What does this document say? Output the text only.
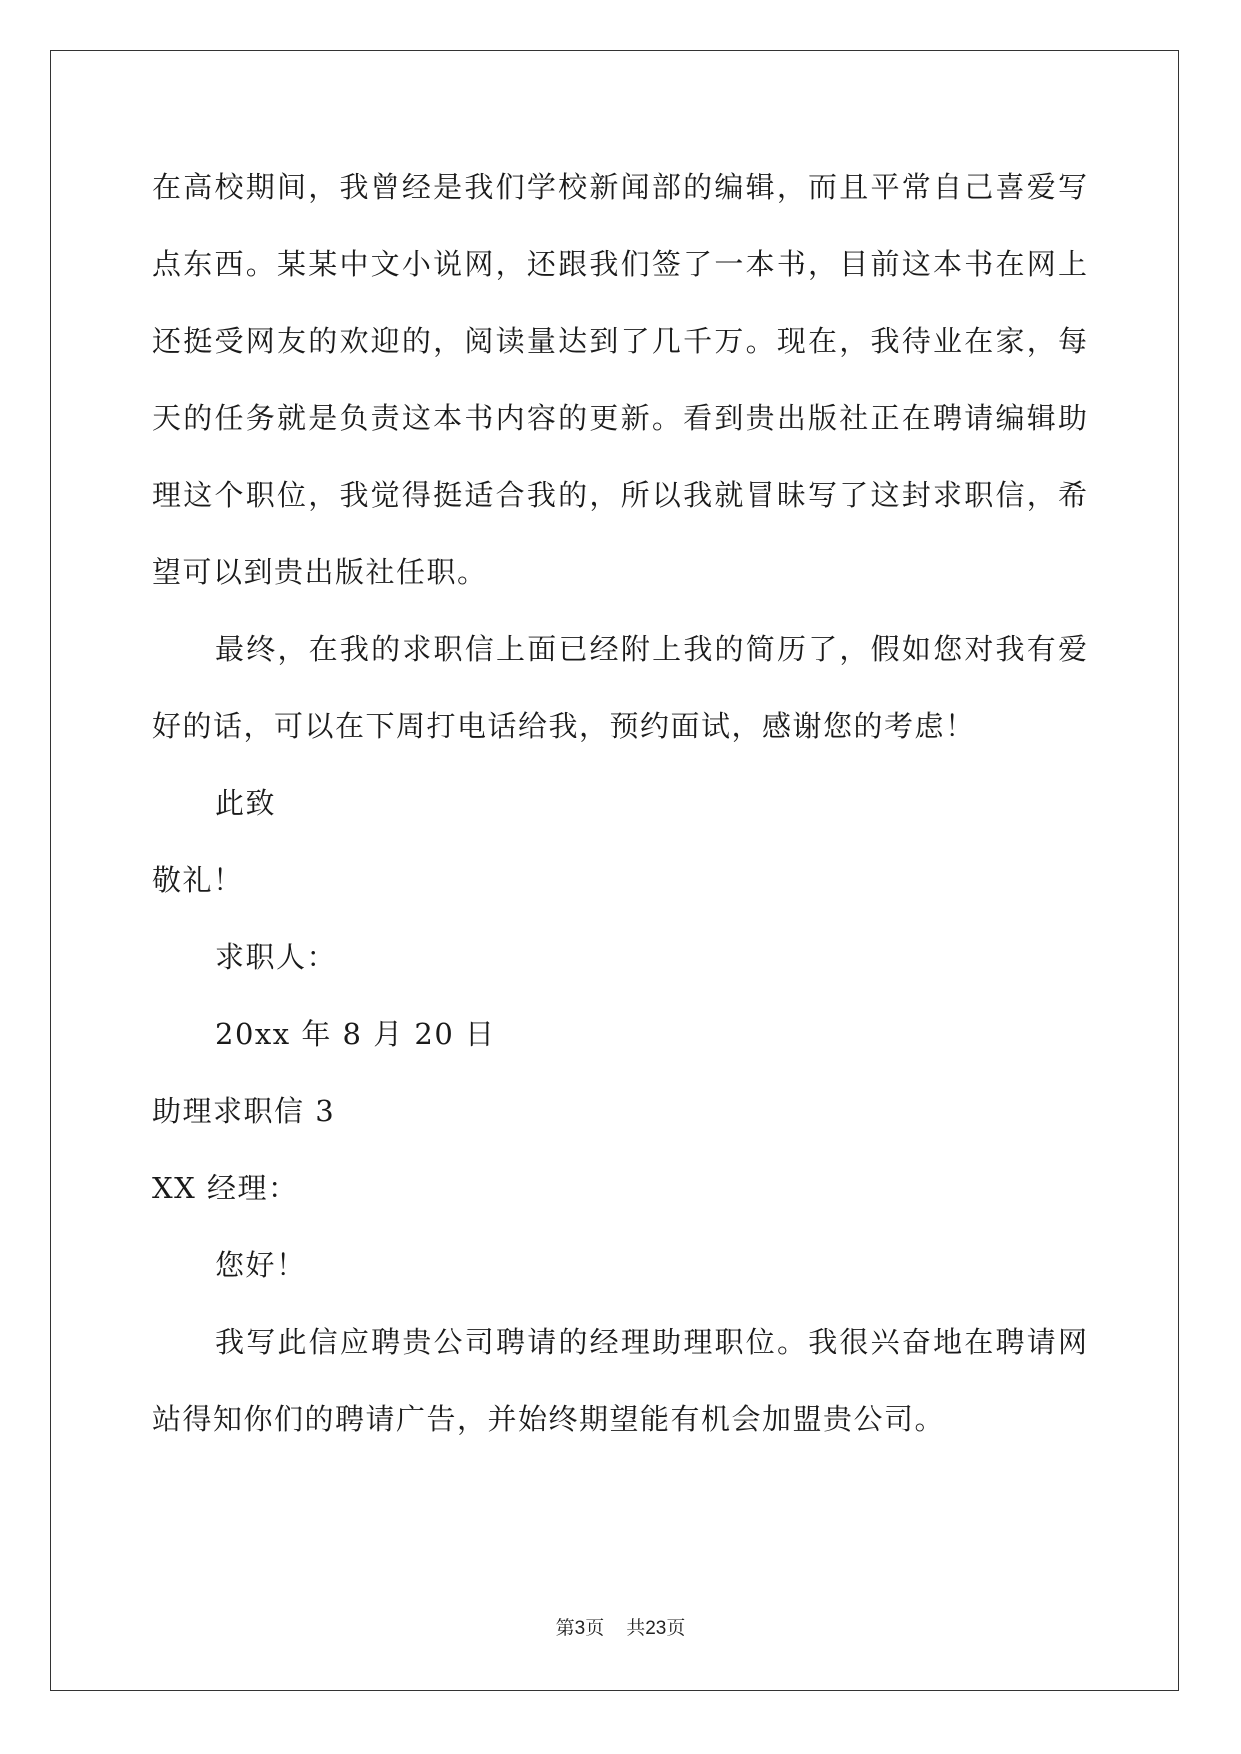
在高校期间，我曾经是我们学校新闻部的编辑，而且平常自己喜爱写
点东西。某某中文小说网，还跟我们签了一本书，目前这本书在网上
还挺受网友的欢迎的，阅读量达到了几千万。现在，我待业在家，每
天的任务就是负责这本书内容的更新。看到贵出版社正在聘请编辑助
理这个职位，我觉得挺适合我的，所以我就冒昧写了这封求职信，希
望可以到贵出版社任职。
最终，在我的求职信上面已经附上我的简历了，假如您对我有爱
好的话，可以在下周打电话给我，预约面试，感谢您的考虑！
此致
敬礼！
求职人：
20xx 年 8 月 20 日
助理求职信 3
XX 经理：
您好！
我写此信应聘贵公司聘请的经理助理职位。我很兴奋地在聘请网
站得知你们的聘请广告，并始终期望能有机会加盟贵公司。
第3页 共23页
